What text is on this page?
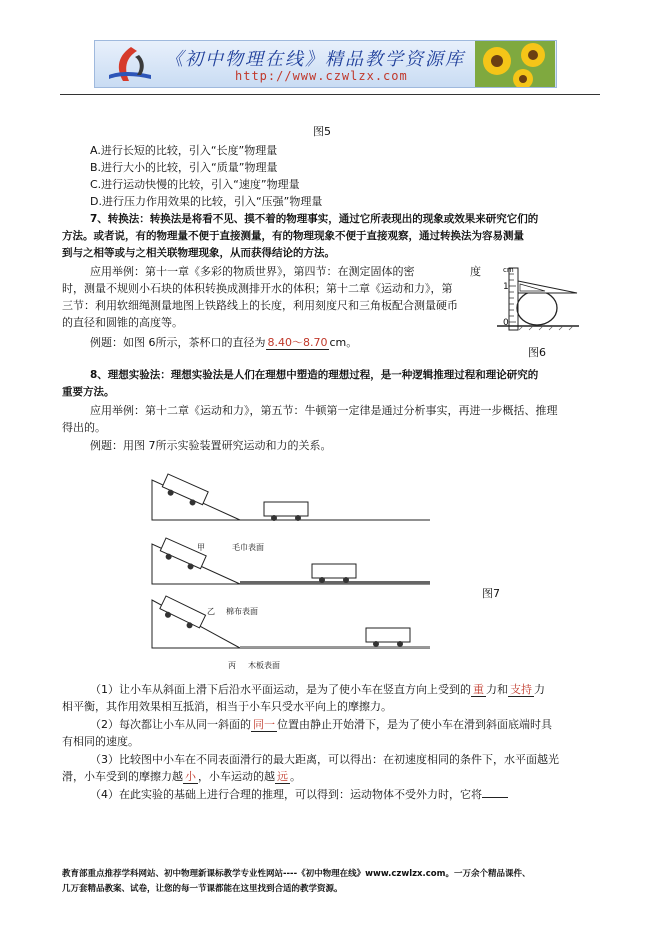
《初中物理在线》精品教学资源库
http://www.czwlzx.com
图5
A.进行长短的比较，引入“长度”物理量
B.进行大小的比较，引入“质量”物理量
C.进行运动快慢的比较，引入“速度”物理量
D.进行压力作用效果的比较，引入“压强”物理量
7、转换法：转换法是将看不见、摸不着的物理事实，通过它所表现出的现象或效果来研究它们的
方法。或者说，有的物理量不便于直接测量，有的物理现象不便于直接观察，通过转换法为容易测量
到与之相等或与之相关联物理现象，从而获得结论的方法。
应用举例：第十一章《多彩的物质世界》，第四节：在测定固体的密	度
时，测量不规则小石块的体积转换成测排开水的体积；第十二章《运动和力》，第
三节：利用软细绳测量地图上铁路线上的长度，利用刻度尺和三角板配合测量硬币
的直径和圆锥的高度等。
例题：如图 6所示，茶杯口的直径为 8.40～8.70 cm。
cm
1
0
图6
8、理想实验法：理想实验法是人们在理想中塑造的理想过程，是一种逻辑推理过程和理论研究的
重要方法。
应用举例：第十二章《运动和力》，第五节：牛顿第一定律是通过分析事实，再进一步概括、推理
得出的。
例题：用图 7所示实验装置研究运动和力的关系。
甲	毛巾表面
乙 棉布表面
丙 木板表面
图7
（1）让小车从斜面上滑下后沿水平面运动，是为了使小车在竖直方向上受到的 重 力和 支持 力
相平衡，其作用效果相互抵消，相当于小车只受水平向上的摩擦力。
（2）每次都让小车从同一斜面的 同一 位置由静止开始滑下，是为了使小车在滑到斜面底端时具
有相同的速度。
（3）比较图中小车在不同表面滑行的最大距离，可以得出：在初速度相同的条件下，水平面越光
滑，小车受到的摩擦力越 小 ，小车运动的越 远 。
（4）在此实验的基础上进行合理的推理，可以得到：运动物体不受外力时，它将
教育部重点推荐学科网站、初中物理新课标教学专业性网站----《初中物理在线》www.czwlzx.com。一万余个精品课件、
几万套精品教案、试卷，让您的每一节课都能在这里找到合适的教学资源。
